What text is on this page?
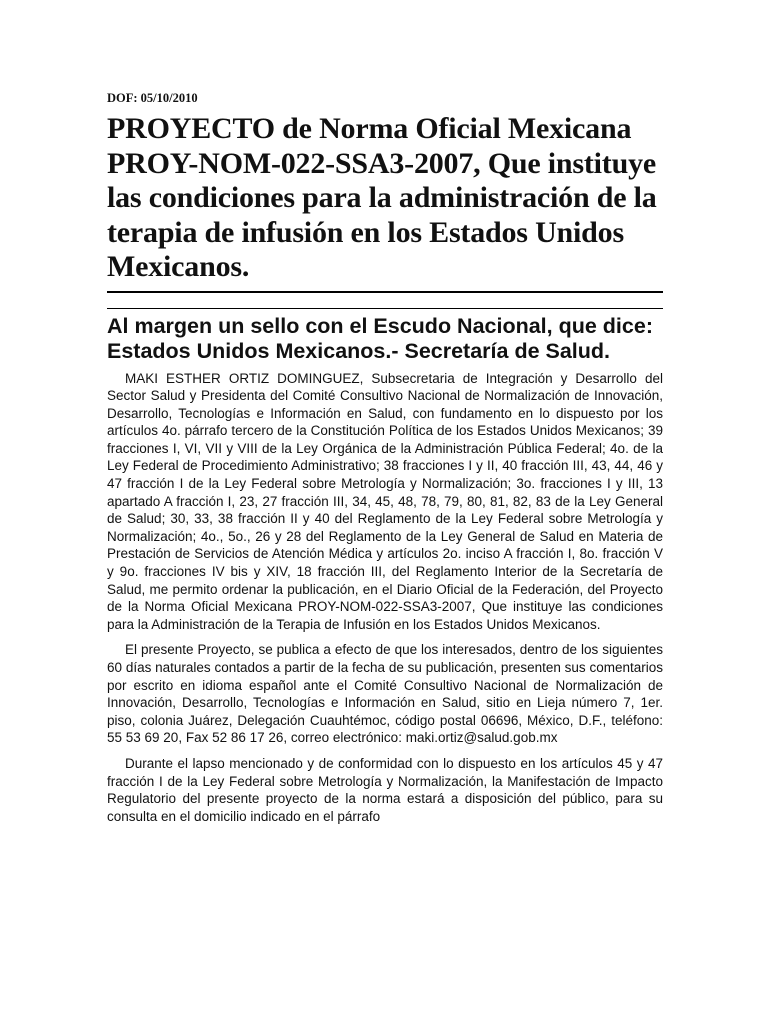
DOF: 05/10/2010
PROYECTO de Norma Oficial Mexicana PROY-NOM-022-SSA3-2007, Que instituye las condiciones para la administración de la terapia de infusión en los Estados Unidos Mexicanos.
Al margen un sello con el Escudo Nacional, que dice: Estados Unidos Mexicanos.- Secretaría de Salud.

MAKI ESTHER ORTIZ DOMINGUEZ, Subsecretaria de Integración y Desarrollo del Sector Salud y Presidenta del Comité Consultivo Nacional de Normalización de Innovación, Desarrollo, Tecnologías e Información en Salud, con fundamento en lo dispuesto por los artículos 4o. párrafo tercero de la Constitución Política de los Estados Unidos Mexicanos; 39 fracciones I, VI, VII y VIII de la Ley Orgánica de la Administración Pública Federal; 4o. de la Ley Federal de Procedimiento Administrativo; 38 fracciones I y II, 40 fracción III, 43, 44, 46 y 47 fracción I de la Ley Federal sobre Metrología y Normalización; 3o. fracciones I y III, 13 apartado A fracción I, 23, 27 fracción III, 34, 45, 48, 78, 79, 80, 81, 82, 83 de la Ley General de Salud; 30, 33, 38 fracción II y 40 del Reglamento de la Ley Federal sobre Metrología y Normalización; 4o., 5o., 26 y 28 del Reglamento de la Ley General de Salud en Materia de Prestación de Servicios de Atención Médica y artículos 2o. inciso A fracción I, 8o. fracción V y 9o. fracciones IV bis y XIV, 18 fracción III, del Reglamento Interior de la Secretaría de Salud, me permito ordenar la publicación, en el Diario Oficial de la Federación, del Proyecto de la Norma Oficial Mexicana PROY-NOM-022-SSA3-2007, Que instituye las condiciones para la Administración de la Terapia de Infusión en los Estados Unidos Mexicanos.

El presente Proyecto, se publica a efecto de que los interesados, dentro de los siguientes 60 días naturales contados a partir de la fecha de su publicación, presenten sus comentarios por escrito en idioma español ante el Comité Consultivo Nacional de Normalización de Innovación, Desarrollo, Tecnologías e Información en Salud, sitio en Lieja número 7, 1er. piso, colonia Juárez, Delegación Cuauhtémoc, código postal 06696, México, D.F., teléfono: 55 53 69 20, Fax 52 86 17 26, correo electrónico: maki.ortiz@salud.gob.mx

Durante el lapso mencionado y de conformidad con lo dispuesto en los artículos 45 y 47 fracción I de la Ley Federal sobre Metrología y Normalización, la Manifestación de Impacto Regulatorio del presente proyecto de la norma estará a disposición del público, para su consulta en el domicilio indicado en el párrafo
